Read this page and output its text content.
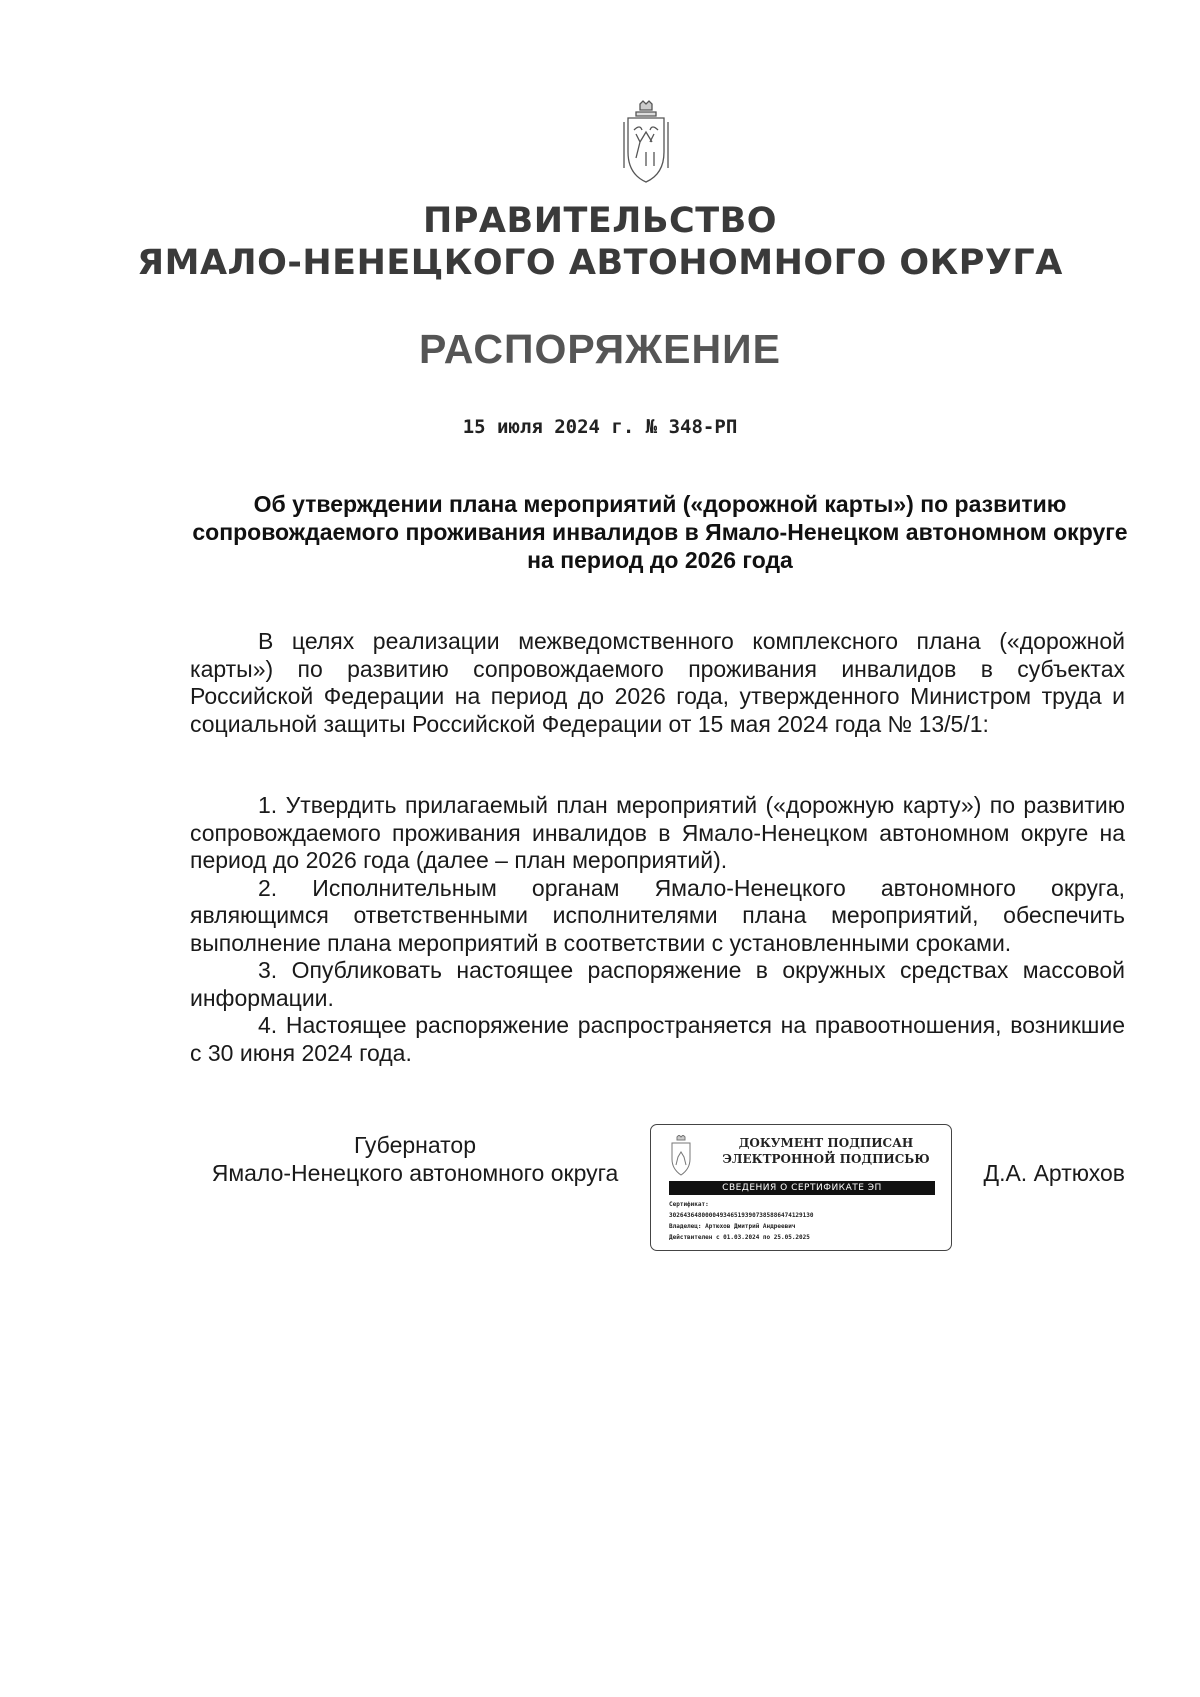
ПРАВИТЕЛЬСТВО
ЯМАЛО-НЕНЕЦКОГО АВТОНОМНОГО ОКРУГА
РАСПОРЯЖЕНИЕ
15 июля 2024 г. № 348-РП
Об утверждении плана мероприятий («дорожной карты») по развитию сопровождаемого проживания инвалидов в Ямало-Ненецком автономном округе на период до 2026 года

В целях реализации межведомственного комплексного плана («дорожной карты») по развитию сопровождаемого проживания инвалидов в субъектах Российской Федерации на период до 2026 года, утвержденного Министром труда и социальной защиты Российской Федерации от 15 мая 2024 года № 13/5/1:

1. Утвердить прилагаемый план мероприятий («дорожную карту») по развитию сопровождаемого проживания инвалидов в Ямало-Ненецком автономном округе на период до 2026 года (далее – план мероприятий).

2. Исполнительным органам Ямало-Ненецкого автономного округа, являющимся ответственными исполнителями плана мероприятий, обеспечить выполнение плана мероприятий в соответствии с установленными сроками.

3. Опубликовать настоящее распоряжение в окружных средствах массовой информации.

4. Настоящее распоряжение распространяется на правоотношения, возникшие с 30 июня 2024 года.

Губернатор
Ямало-Ненецкого автономного округа
ДОКУМЕНТ ПОДПИСАН
ЭЛЕКТРОННОЙ ПОДПИСЬЮ
СВЕДЕНИЯ О СЕРТИФИКАТЕ ЭП
Сертификат:
3026436480000493465193907385886474129130
Владелец: Артюхов Дмитрий Андреевич
Действителен с 01.03.2024 по 25.05.2025
Д.А. Артюхов
